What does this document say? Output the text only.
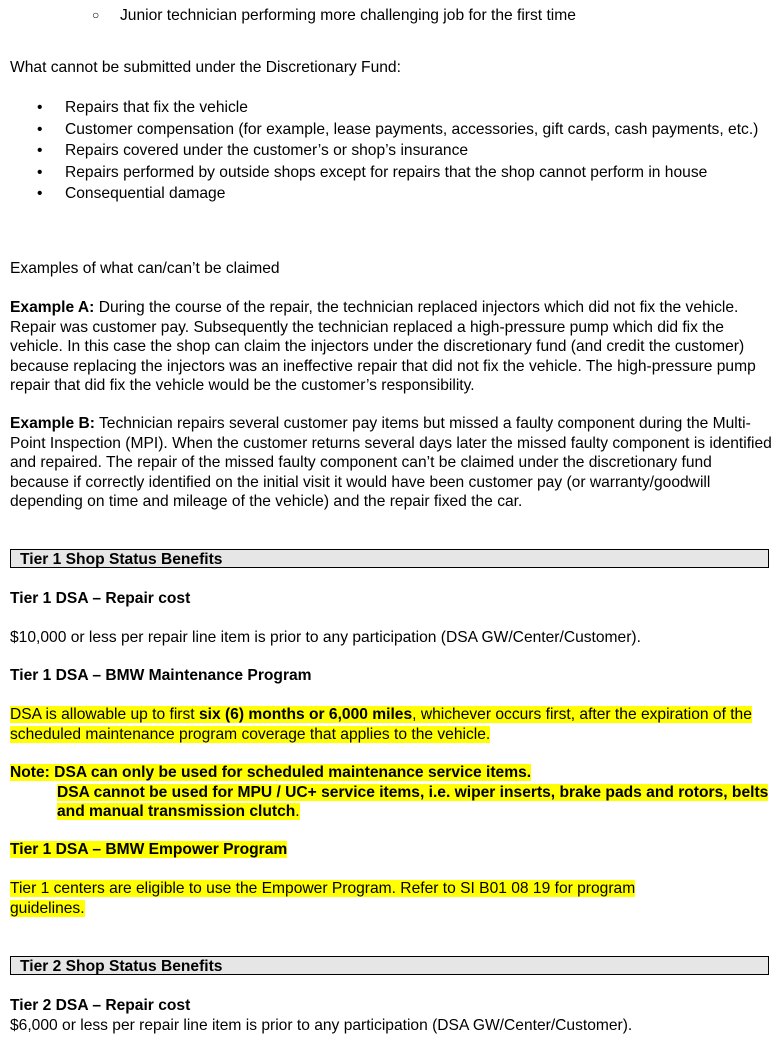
○ Junior technician performing more challenging job for the first time

What cannot be submitted under the Discretionary Fund:

• Repairs that fix the vehicle
• Customer compensation (for example, lease payments, accessories, gift cards, cash payments, etc.)
• Repairs covered under the customer’s or shop’s insurance
• Repairs performed by outside shops except for repairs that the shop cannot perform in house
• Consequential damage

Examples of what can/can’t be claimed

Example A: During the course of the repair, the technician replaced injectors which did not fix the vehicle. Repair was customer pay. Subsequently the technician replaced a high-pressure pump which did fix the vehicle. In this case the shop can claim the injectors under the discretionary fund (and credit the customer) because replacing the injectors was an ineffective repair that did not fix the vehicle. The high-pressure pump repair that did fix the vehicle would be the customer’s responsibility.

Example B: Technician repairs several customer pay items but missed a faulty component during the Multi-Point Inspection (MPI). When the customer returns several days later the missed faulty component is identified and repaired. The repair of the missed faulty component can’t be claimed under the discretionary fund because if correctly identified on the initial visit it would have been customer pay (or warranty/goodwill depending on time and mileage of the vehicle) and the repair fixed the car.

Tier 1 Shop Status Benefits

Tier 1 DSA – Repair cost

$10,000 or less per repair line item is prior to any participation (DSA GW/Center/Customer).

Tier 1 DSA – BMW Maintenance Program

DSA is allowable up to first six (6) months or 6,000 miles, whichever occurs first, after the expiration of the scheduled maintenance program coverage that applies to the vehicle.

Note: DSA can only be used for scheduled maintenance service items.
DSA cannot be used for MPU / UC+ service items, i.e. wiper inserts, brake pads and rotors, belts and manual transmission clutch.

Tier 1 DSA – BMW Empower Program

Tier 1 centers are eligible to use the Empower Program. Refer to SI B01 08 19 for program guidelines.

Tier 2 Shop Status Benefits

Tier 2 DSA – Repair cost

$6,000 or less per repair line item is prior to any participation (DSA GW/Center/Customer).
